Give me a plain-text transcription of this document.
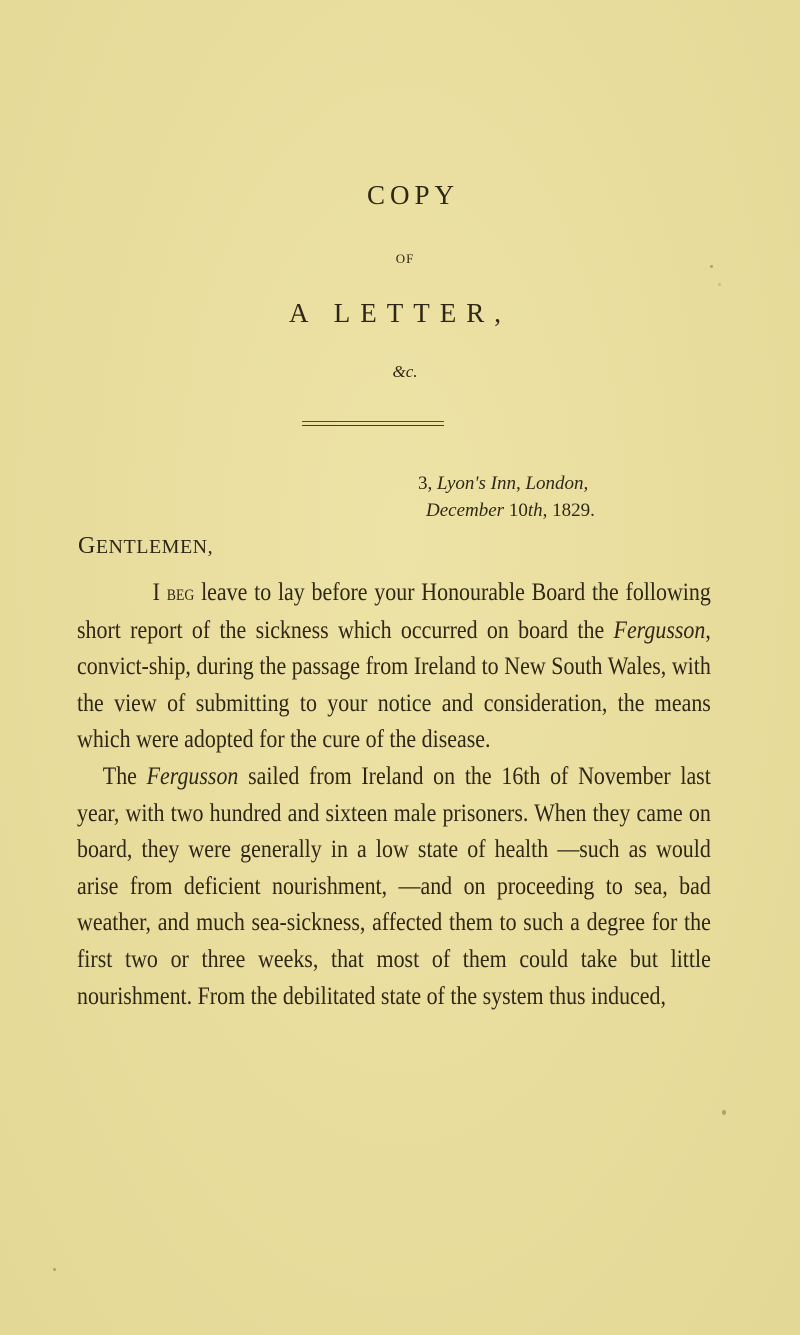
COPY
OF
A LETTER,
&c.
3, Lyon's Inn, London,
December 10th, 1829.
GENTLEMEN,

I beg leave to lay before your Honourable Board the following short report of the sickness which occurred on board the Fergusson, convict-ship, during the passage from Ireland to New South Wales, with the view of submitting to your notice and consideration, the means which were adopted for the cure of the disease.

The Fergusson sailed from Ireland on the 16th of November last year, with two hundred and sixteen male prisoners. When they came on board, they were generally in a low state of health —such as would arise from deficient nourishment, —and on proceeding to sea, bad weather, and much sea-sickness, affected them to such a degree for the first two or three weeks, that most of them could take but little nourishment. From the debilitated state of the system thus induced,
